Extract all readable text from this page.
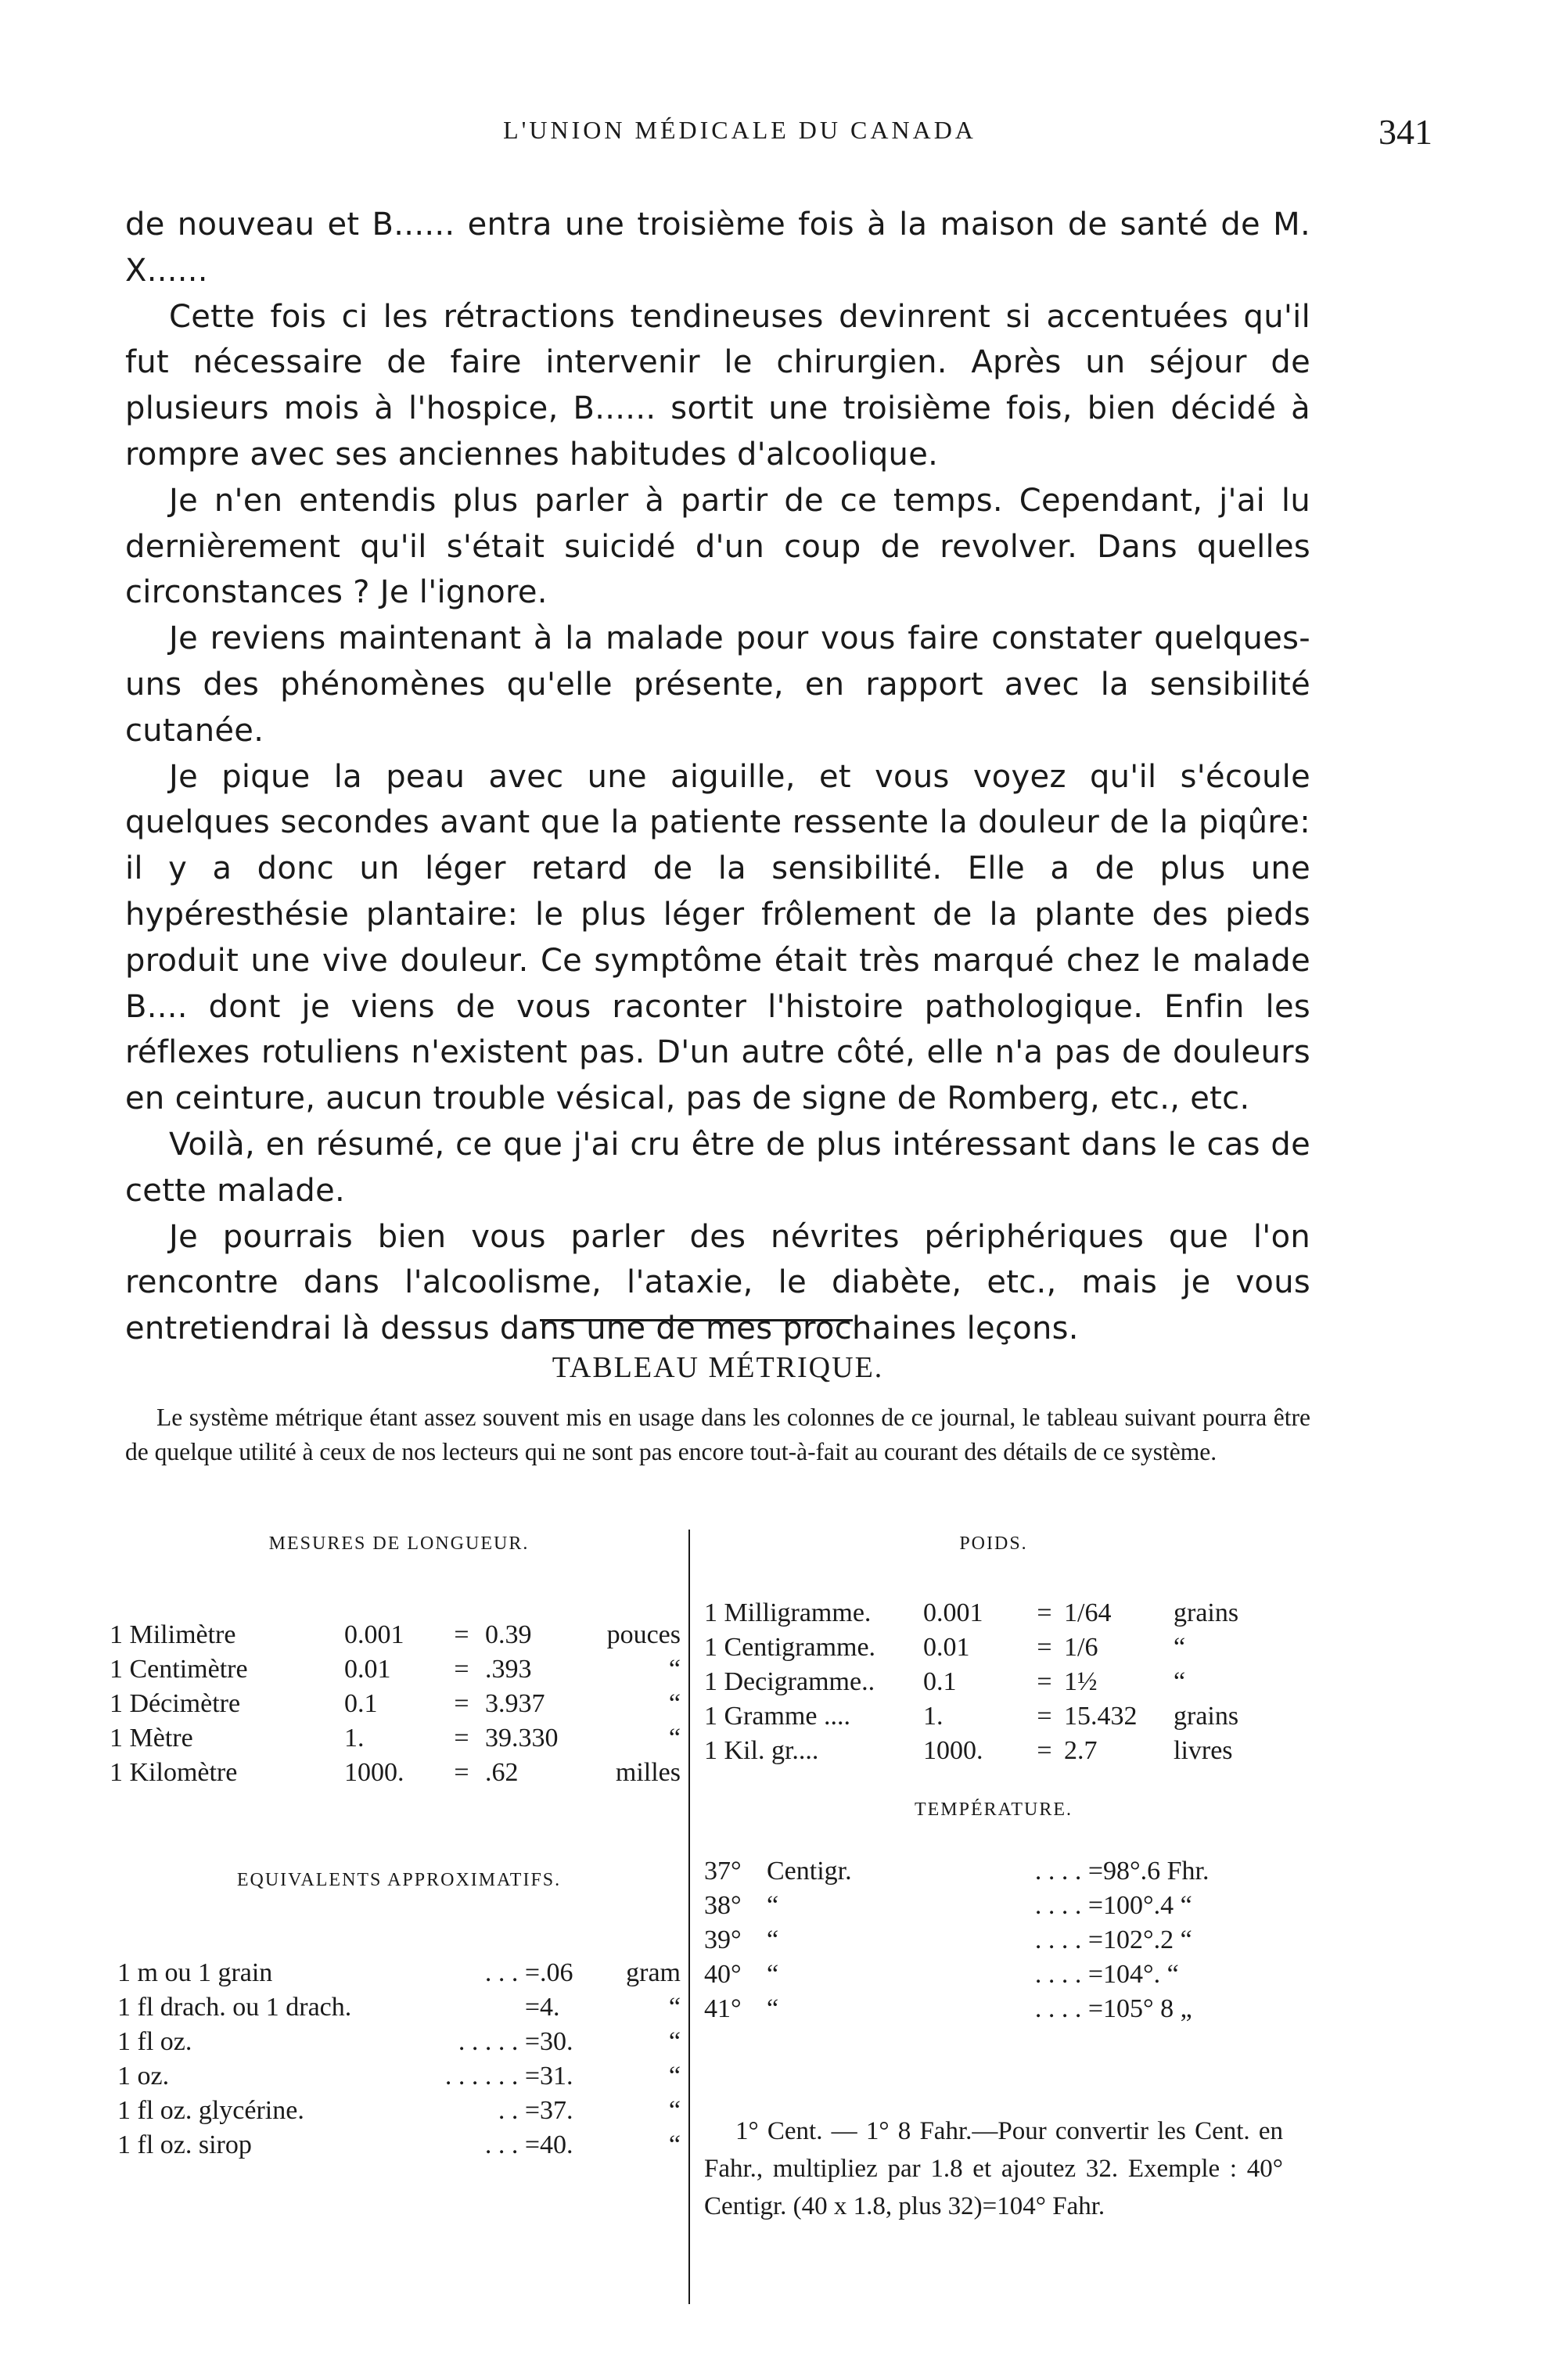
L'UNION MÉDICALE DU CANADA	341

de nouveau et B...... entra une troisième fois à la maison de santé de M. X......

Cette fois ci les rétractions tendineuses devinrent si accentuées qu'il fut nécessaire de faire intervenir le chirurgien. Après un séjour de plusieurs mois à l'hospice, B...... sortit une troisième fois, bien décidé à rompre avec ses anciennes habitudes d'alcoolique.

Je n'en entendis plus parler à partir de ce temps. Cependant, j'ai lu dernièrement qu'il s'était suicidé d'un coup de revolver. Dans quelles circonstances ? Je l'ignore.

Je reviens maintenant à la malade pour vous faire constater quelques-uns des phénomènes qu'elle présente, en rapport avec la sensibilité cutanée.

Je pique la peau avec une aiguille, et vous voyez qu'il s'écoule quelques secondes avant que la patiente ressente la douleur de la piqûre: il y a donc un léger retard de la sensibilité. Elle a de plus une hypéresthésie plantaire: le plus léger frôlement de la plante des pieds produit une vive douleur. Ce symptôme était très marqué chez le malade B.... dont je viens de vous raconter l'histoire pathologique. Enfin les réflexes rotuliens n'existent pas. D'un autre côté, elle n'a pas de douleurs en ceinture, aucun trouble vésical, pas de signe de Romberg, etc., etc.

Voilà, en résumé, ce que j'ai cru être de plus intéressant dans le cas de cette malade.

Je pourrais bien vous parler des névrites périphériques que l'on rencontre dans l'alcoolisme, l'ataxie, le diabète, etc., mais je vous entretiendrai là dessus dans une de mes prochaines leçons.

TABLEAU MÉTRIQUE.

Le système métrique étant assez souvent mis en usage dans les colonnes de ce journal, le tableau suivant pourra être de quelque utilité à ceux de nos lecteurs qui ne sont pas encore tout-à-fait au courant des détails de ce système.

MESURES DE LONGUEUR.
1 Milimètre	0.001	=	0.39	pouces
1 Centimètre	0.01	=	.393	“
1 Décimètre	0.1	=	3.937	“
1 Mètre	1.	=	39.330	“
1 Kilomètre	1000.	=	.62	milles
EQUIVALENTS APPROXIMATIFS.
1 m ou 1 grain	. . . =	.06	gram
1 fl drach. ou 1 drach.	=	4.	“
1 fl oz.	. . . . . =	30.	“
1 oz.	. . . . . . =	31.	“
1 fl oz. glycérine.	. . =	37.	“
1 fl oz. sirop	. . . =	40.	“
POIDS.
1 Milligramme.	0.001	=	1/64	grains
1 Centigramme.	0.01	=	1/6	“
1 Decigramme..	0.1	=	1½	“
1 Gramme ....	1.	=	15.432	grains
1 Kil. gr....	1000.	=	2.7	livres
TEMPÉRATURE.
37°	Centigr.	. . . . =	98°.6 Fhr.
38°	“	. . . . =	100°.4 “
39°	“	. . . . =	102°.2 “
40°	“	. . . . =	104°. “
41°	“	. . . . =	105° 8 „

1° Cent. — 1° 8 Fahr.—Pour convertir les Cent. en Fahr., multipliez par 1.8 et ajoutez 32. Exemple : 40° Centigr. (40 x 1.8, plus 32)=104° Fahr.
